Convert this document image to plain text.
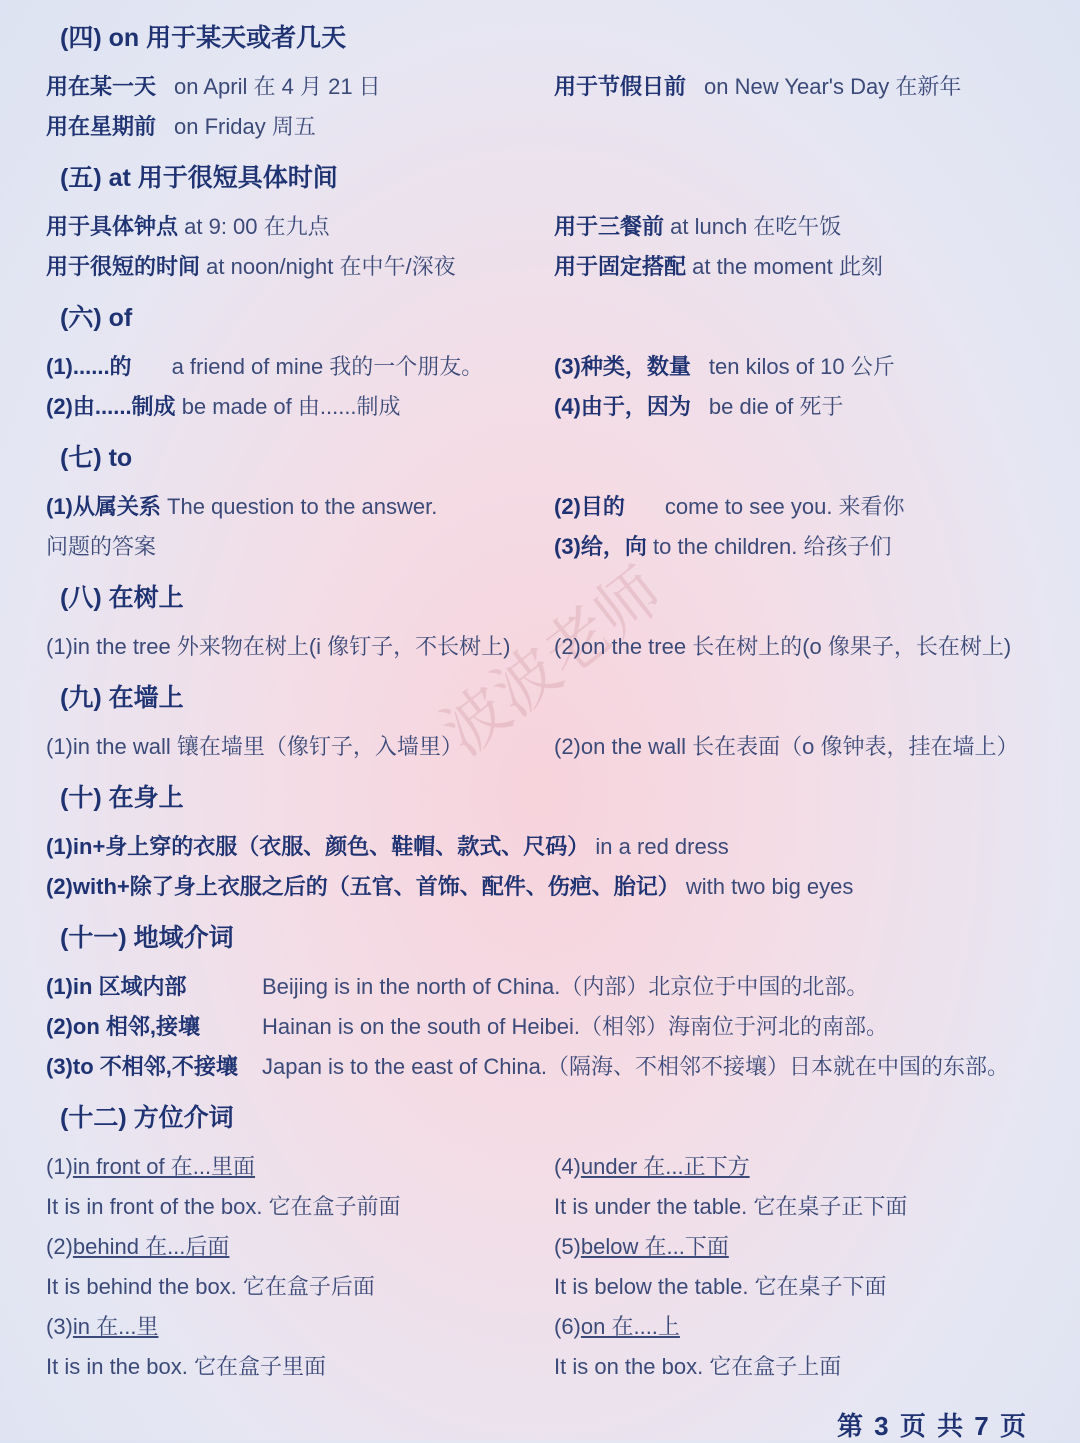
波波老师
(四) on 用于某天或者几天
用在某一天 on April 在 4 月 21 日	用于节假日前 on New Year's Day 在新年
用在星期前 on Friday 周五
(五) at 用于很短具体时间
用于具体钟点 at 9: 00 在九点	用于三餐前 at lunch 在吃午饭
用于很短的时间 at noon/night 在中午/深夜	用于固定搭配 at the moment 此刻
(六) of
(1)......的 a friend of mine 我的一个朋友。	(3)种类，数量 ten kilos of 10 公斤
(2)由......制成 be made of 由......制成	(4)由于，因为 be die of 死于
(七) to
(1)从属关系 The question to the answer.	(2)目的 come to see you. 来看你
问题的答案	(3)给，向 to the children. 给孩子们
(八) 在树上
(1)in the tree 外来物在树上(i 像钉子，不长树上) (2)on the tree 长在树上的(o 像果子，长在树上)
(九) 在墙上
(1)in the wall 镶在墙里（像钉子，入墙里）	(2)on the wall 长在表面（o 像钟表，挂在墙上）
(十) 在身上
(1)in+身上穿的衣服（衣服、颜色、鞋帽、款式、尺码） in a red dress
(2)with+除了身上衣服之后的（五官、首饰、配件、伤疤、胎记） with two big eyes
(十一) 地域介词
(1)in 区域内部	Beijing is in the north of China.（内部）北京位于中国的北部。
(2)on 相邻,接壤	Hainan is on the south of Heibei.（相邻）海南位于河北的南部。
(3)to 不相邻,不接壤 Japan is to the east of China.（隔海、不相邻不接壤）日本就在中国的东部。
(十二) 方位介词
(1)in front of 在...里面
It is in front of the box. 它在盒子前面
(2)behind 在...后面
It is behind the box. 它在盒子后面
(3)in 在...里
It is in the box. 它在盒子里面
(4)under 在...正下方
It is under the table. 它在桌子正下面
(5)below 在...下面
It is below the table. 它在桌子下面
(6)on 在....上
It is on the box. 它在盒子上面
第 3 页 共 7 页
